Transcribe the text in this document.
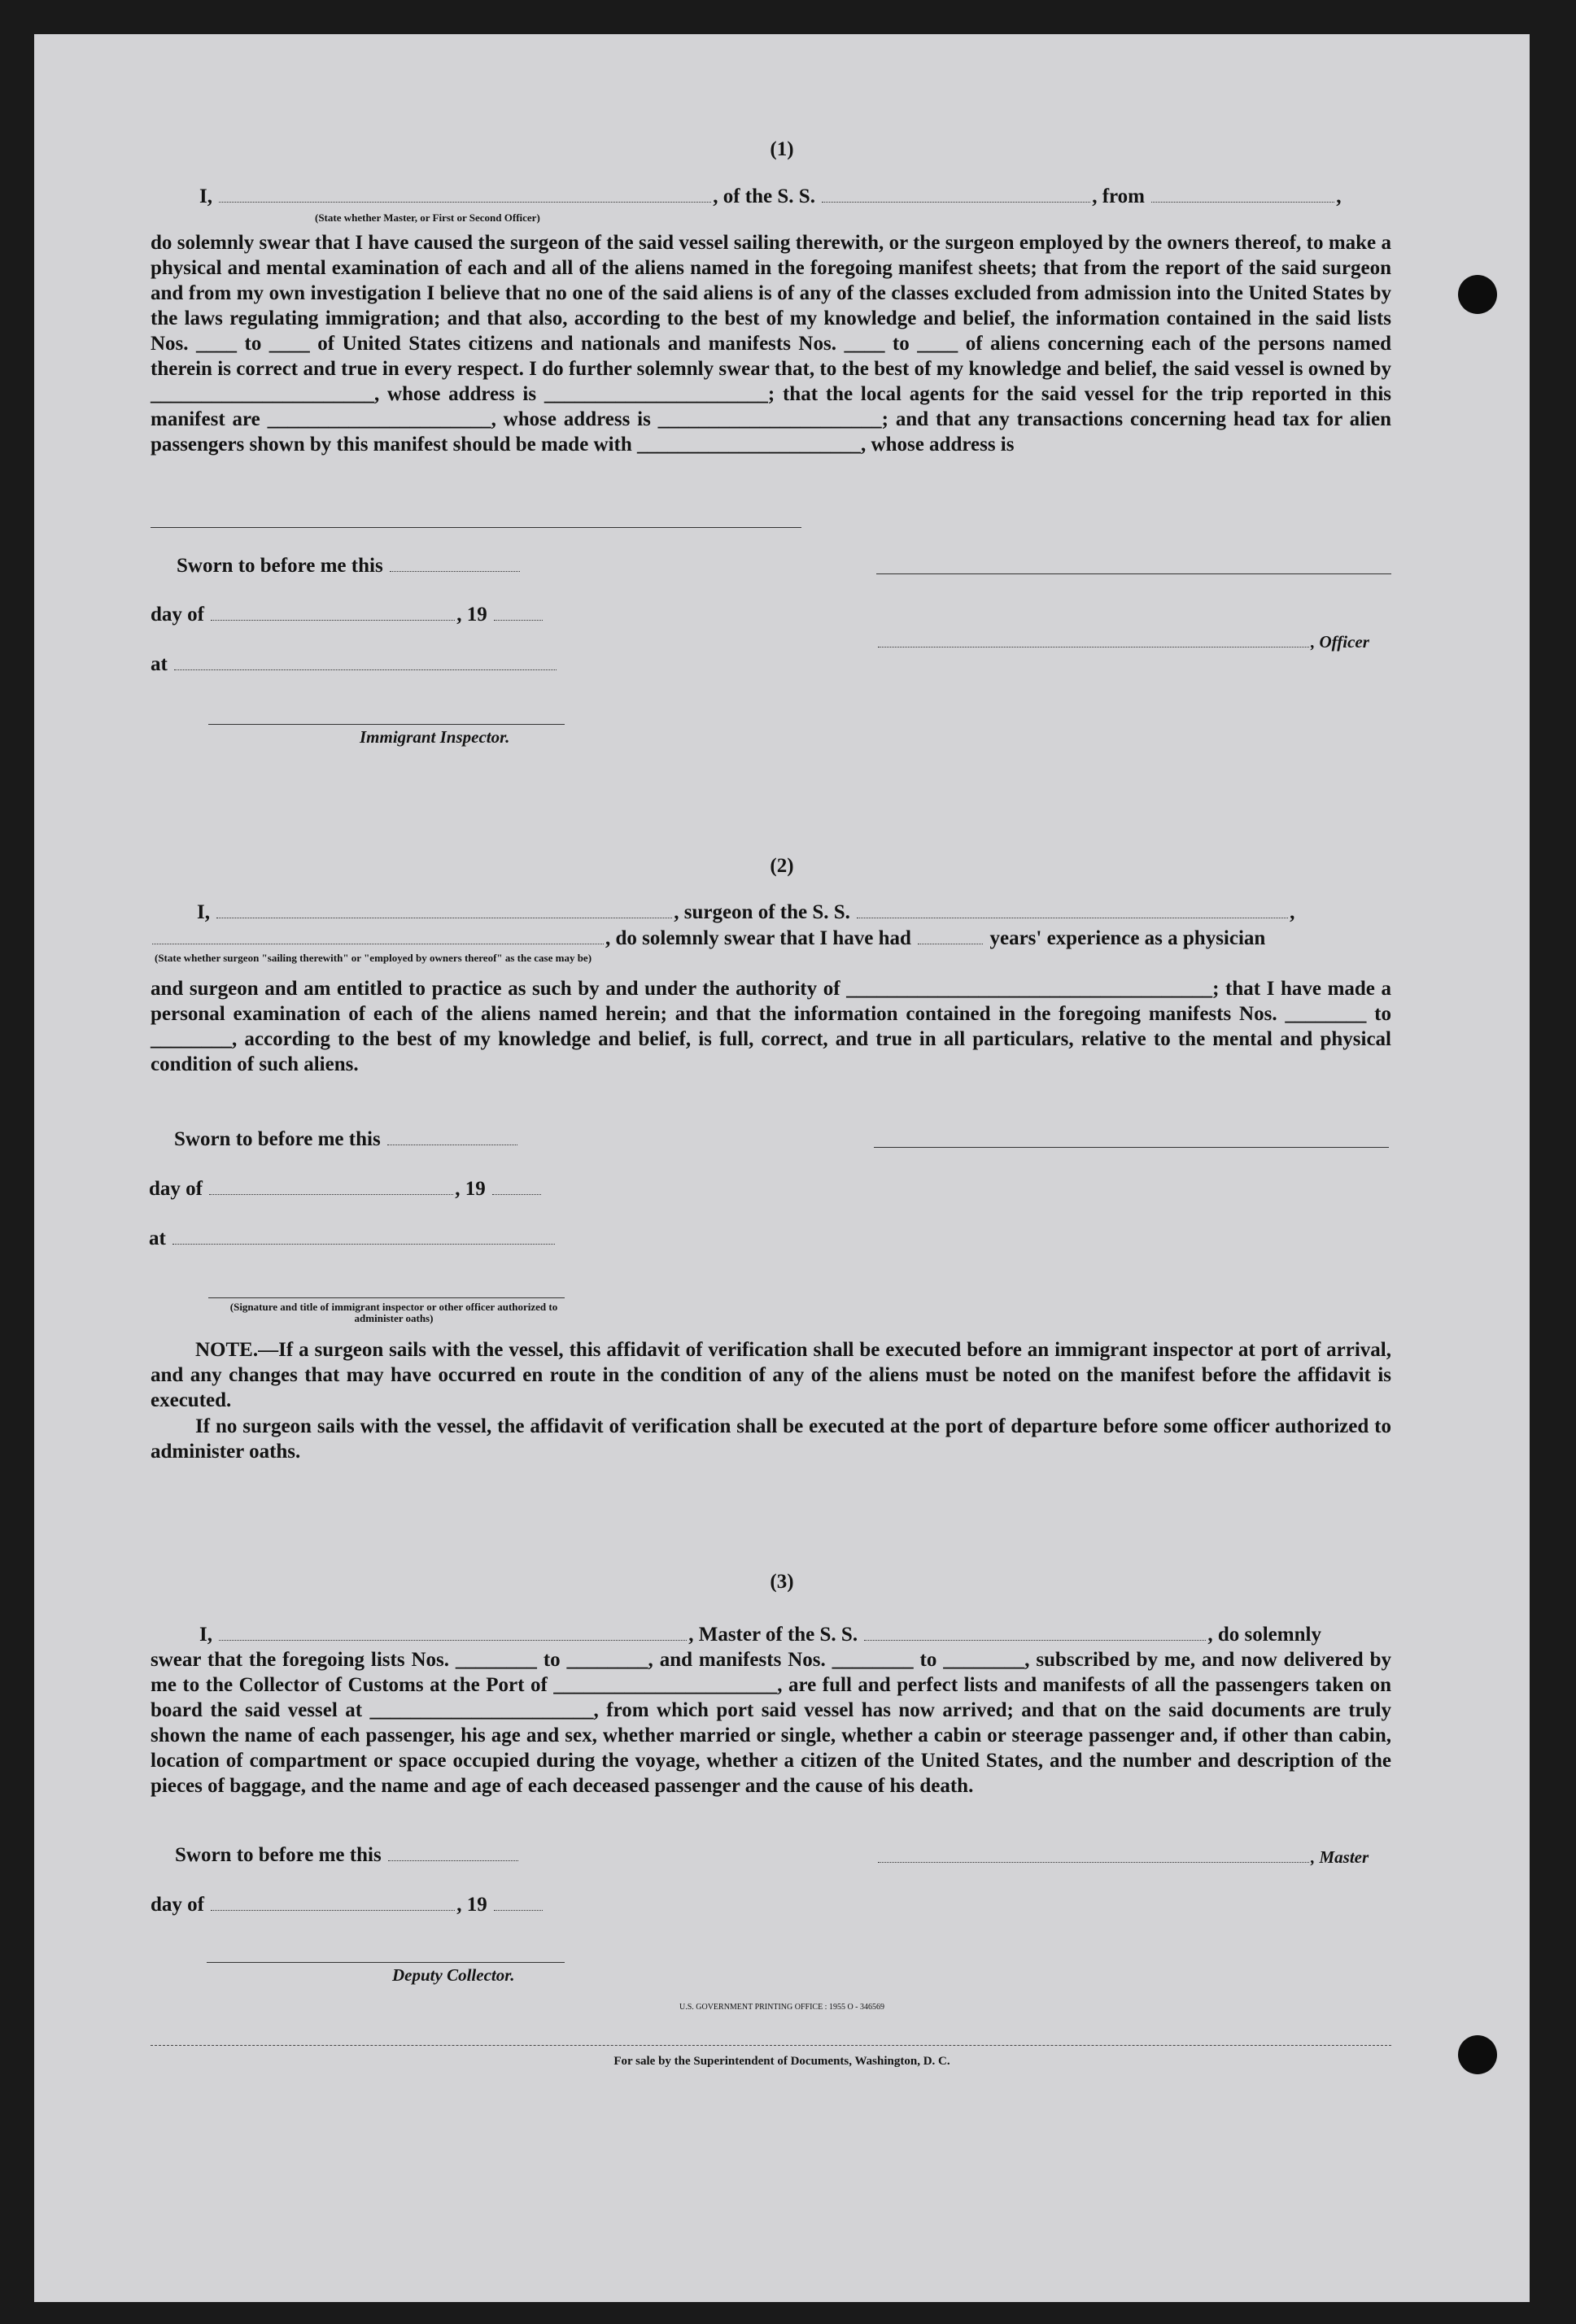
(1)
I,	, of the S. S.	, from	,
(State whether Master, or First or Second Officer)
do solemnly swear that I have caused the surgeon of the said vessel sailing therewith, or the surgeon employed by the owners thereof, to make a physical and mental examination of each and all of the aliens named in the foregoing manifest sheets; that from the report of the said surgeon and from my own investigation I believe that no one of the said aliens is of any of the classes excluded from admission into the United States by the laws regulating immigration; and that also, according to the best of my knowledge and belief, the information contained in the said lists Nos. ____ to ____ of United States citizens and nationals and manifests Nos. ____ to ____ of aliens concerning each of the persons named therein is correct and true in every respect. I do further solemnly swear that, to the best of my knowledge and belief, the said vessel is owned by ______________________, whose address is ______________________; that the local agents for the said vessel for the trip reported in this manifest are ______________________, whose address is ______________________; and that any transactions concerning head tax for alien passengers shown by this manifest should be made with ______________________, whose address is
Sworn to before me this
day of	, 19
, Officer
at
Immigrant Inspector.
(2)
I,	, surgeon of the S. S.	,
, do solemnly swear that I have had	years' experience as a physician
(State whether surgeon "sailing therewith" or "employed by owners thereof" as the case may be)
and surgeon and am entitled to practice as such by and under the authority of ____________________________________; that I have made a personal examination of each of the aliens named herein; and that the information contained in the foregoing manifests Nos. ________ to ________, according to the best of my knowledge and belief, is full, correct, and true in all particulars, relative to the mental and physical condition of such aliens.
Sworn to before me this
day of	, 19
at
(Signature and title of immigrant inspector or other officer authorized to administer oaths)
NOTE.—If a surgeon sails with the vessel, this affidavit of verification shall be executed before an immigrant inspector at port of arrival, and any changes that may have occurred en route in the condition of any of the aliens must be noted on the manifest before the affidavit is executed.
If no surgeon sails with the vessel, the affidavit of verification shall be executed at the port of departure before some officer authorized to administer oaths.
(3)
I,	, Master of the S. S.	, do solemnly
swear that the foregoing lists Nos. ________ to ________, and manifests Nos. ________ to ________, subscribed by me, and now delivered by me to the Collector of Customs at the Port of ______________________, are full and perfect lists and manifests of all the passengers taken on board the said vessel at ______________________, from which port said vessel has now arrived; and that on the said documents are truly shown the name of each passenger, his age and sex, whether married or single, whether a cabin or steerage passenger and, if other than cabin, location of compartment or space occupied during the voyage, whether a citizen of the United States, and the number and description of the pieces of baggage, and the name and age of each deceased passenger and the cause of his death.
Sworn to before me this	, Master
day of	, 19
Deputy Collector.
U.S. GOVERNMENT PRINTING OFFICE : 1955 O - 346569
For sale by the Superintendent of Documents, Washington, D. C.
